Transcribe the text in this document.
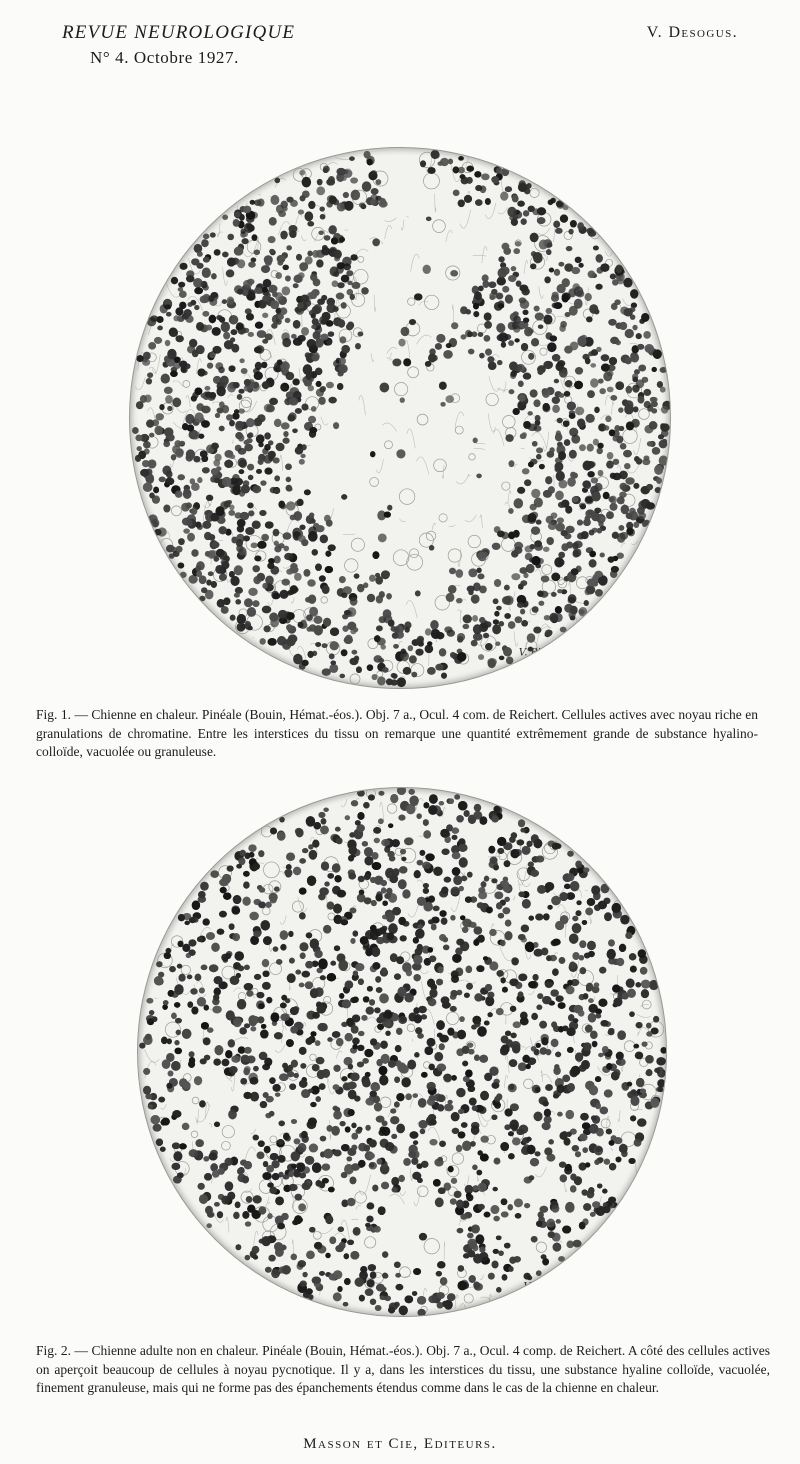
REVUE NEUROLOGIQUE
N° 4. Octobre 1927.
V. Desogus.
V. Piras
Fig. 1. — Chienne en chaleur. Pinéale (Bouin, Hémat.-éos.). Obj. 7 a., Ocul. 4 com. de Reichert. Cellules actives avec noyau riche en granulations de chromatine. Entre les interstices du tissu on remarque une quantité extrêmement grande de substance hyalino-colloïde, vacuolée ou granuleuse.
V. Piras
Fig. 2. — Chienne adulte non en chaleur. Pinéale (Bouin, Hémat.-éos.). Obj. 7 a., Ocul. 4 comp. de Reichert. A côté des cellules actives on aperçoit beaucoup de cellules à noyau pycnotique. Il y a, dans les interstices du tissu, une substance hyaline colloïde, vacuolée, finement granuleuse, mais qui ne forme pas des épanchements étendus comme dans le cas de la chienne en chaleur.
Masson et Cie, Editeurs.
